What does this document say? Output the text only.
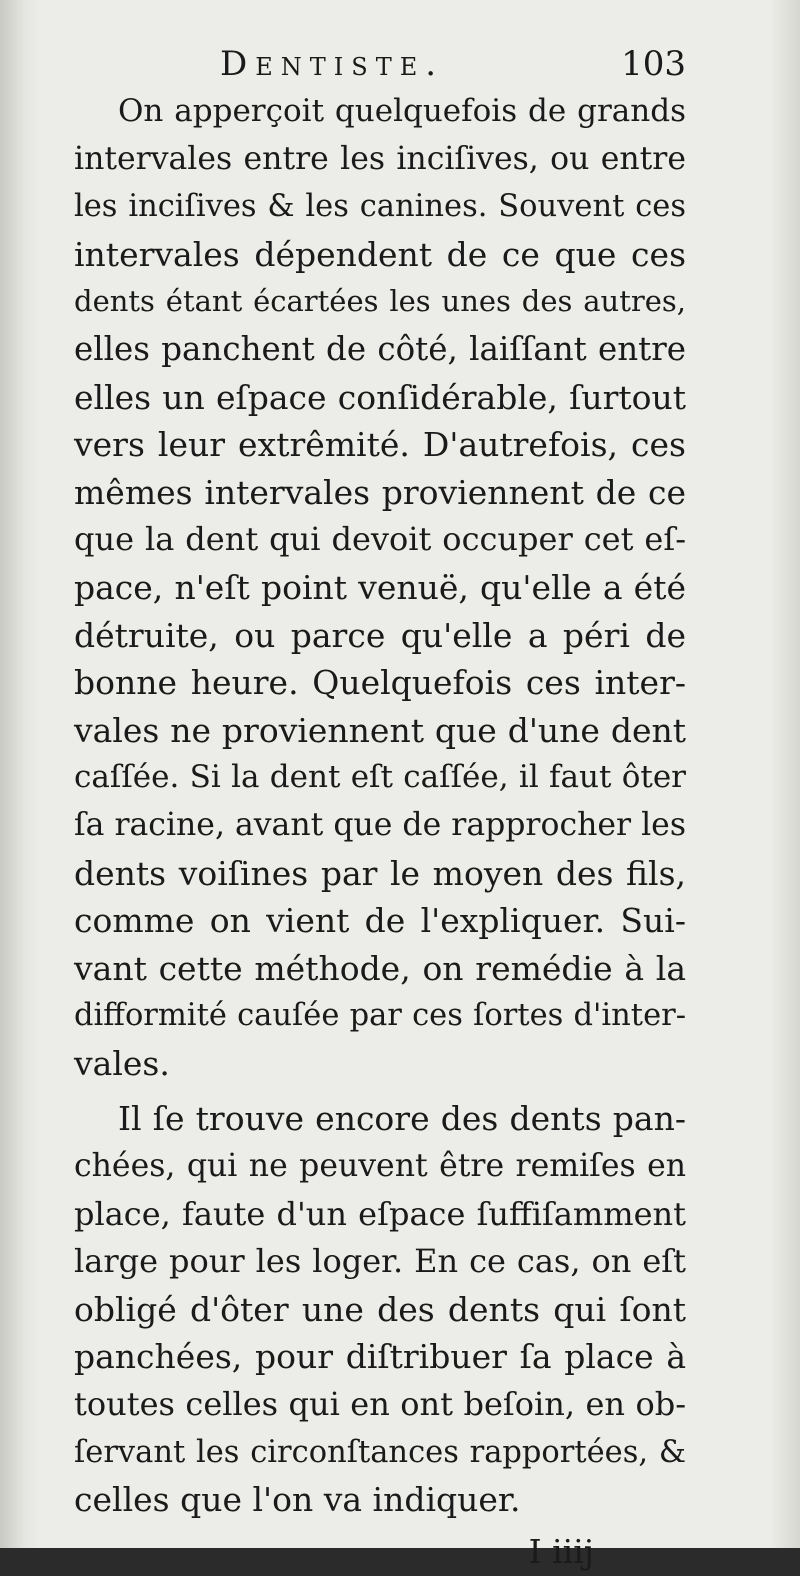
Dentiste.	103
On apperçoit quelquefois de grands
intervales entre les inciſives, ou entre
les inciſives & les canines. Souvent ces
intervales dépendent de ce que ces
dents étant écartées les unes des autres,
elles panchent de côté, laiſſant entre
elles un eſpace conſidérable, ſurtout
vers leur extrêmité. D'autrefois, ces
mêmes intervales proviennent de ce
que la dent qui devoit occuper cet eſ-
pace, n'eſt point venuë, qu'elle a été
détruite, ou parce qu'elle a péri de
bonne heure. Quelquefois ces inter-
vales ne proviennent que d'une dent
caſſée. Si la dent eſt caſſée, il faut ôter
ſa racine, avant que de rapprocher les
dents voiſines par le moyen des fils,
comme on vient de l'expliquer. Sui-
vant cette méthode, on remédie à la
difformité cauſée par ces ſortes d'inter-
vales.
Il ſe trouve encore des dents pan-
chées, qui ne peuvent être remiſes en
place, faute d'un eſpace ſuffiſamment
large pour les loger. En ce cas, on eſt
obligé d'ôter une des dents qui ſont
panchées, pour diſtribuer ſa place à
toutes celles qui en ont beſoin, en ob-
ſervant les circonſtances rapportées, &
celles que l'on va indiquer.
I iiij
